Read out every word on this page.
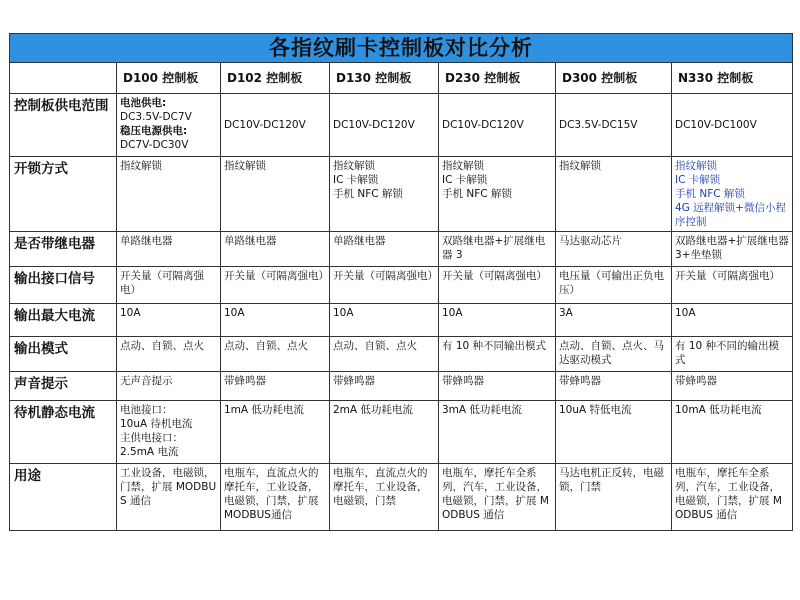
各指纹刷卡控制板对比分析						
	D100 控制板	D102 控制板	D130 控制板	D230 控制板	D300 控制板	N330 控制板
控制板供电范围	电池供电:
DC3.5V-DC7V
稳压电源供电:
DC7V-DC30V	DC10V-DC120V	DC10V-DC120V	DC10V-DC120V	DC3.5V-DC15V	DC10V-DC100V
开锁方式	指纹解锁	指纹解锁	指纹解锁
IC 卡解锁
手机 NFC 解锁	指纹解锁
IC 卡解锁
手机 NFC 解锁	指纹解锁	指纹解锁
IC 卡解锁
手机 NFC 解锁
4G 远程解锁+微信小程序控制

是否带继电器	单路继电器	单路继电器	单路继电器	双路继电器+扩展继电器 3	马达驱动芯片	双路继电器+扩展继电器 3+坐垫锁
输出接口信号	开关量（可隔离强电）	开关量（可隔离强电）	开关量（可隔离强电）	开关量（可隔离强电）	电压量（可输出正负电压）	开关量（可隔离强电）
输出最大电流	10A	10A	10A	10A	3A	10A
输出模式	点动、自锁、点火	点动、自锁、点火	点动、自锁、点火	有 10 种不同输出模式	点动、自锁、点火、马达驱动模式	有 10 种不同的输出模式
声音提示	无声音提示	带蜂鸣器	带蜂鸣器	带蜂鸣器	带蜂鸣器	带蜂鸣器
待机静态电流	电池接口：
10uA 待机电流
主供电接口：
2.5mA 电流	1mA 低功耗电流	2mA 低功耗电流	3mA 低功耗电流	10uA 特低电流	10mA 低功耗电流
用途	工业设备，电磁锁，门禁，扩展 MODBUS 通信	电瓶车，直流点火的摩托车，工业设备，电磁锁，门禁，扩展 MODBUS通信	电瓶车，直流点火的摩托车，工业设备，电磁锁，门禁	电瓶车，摩托车全系列，汽车，工业设备，电磁锁，门禁，扩展 MODBUS 通信	马达电机正反转，电磁锁，门禁	电瓶车，摩托车全系列，汽车，工业设备，电磁锁，门禁，扩展 MODBUS 通信
